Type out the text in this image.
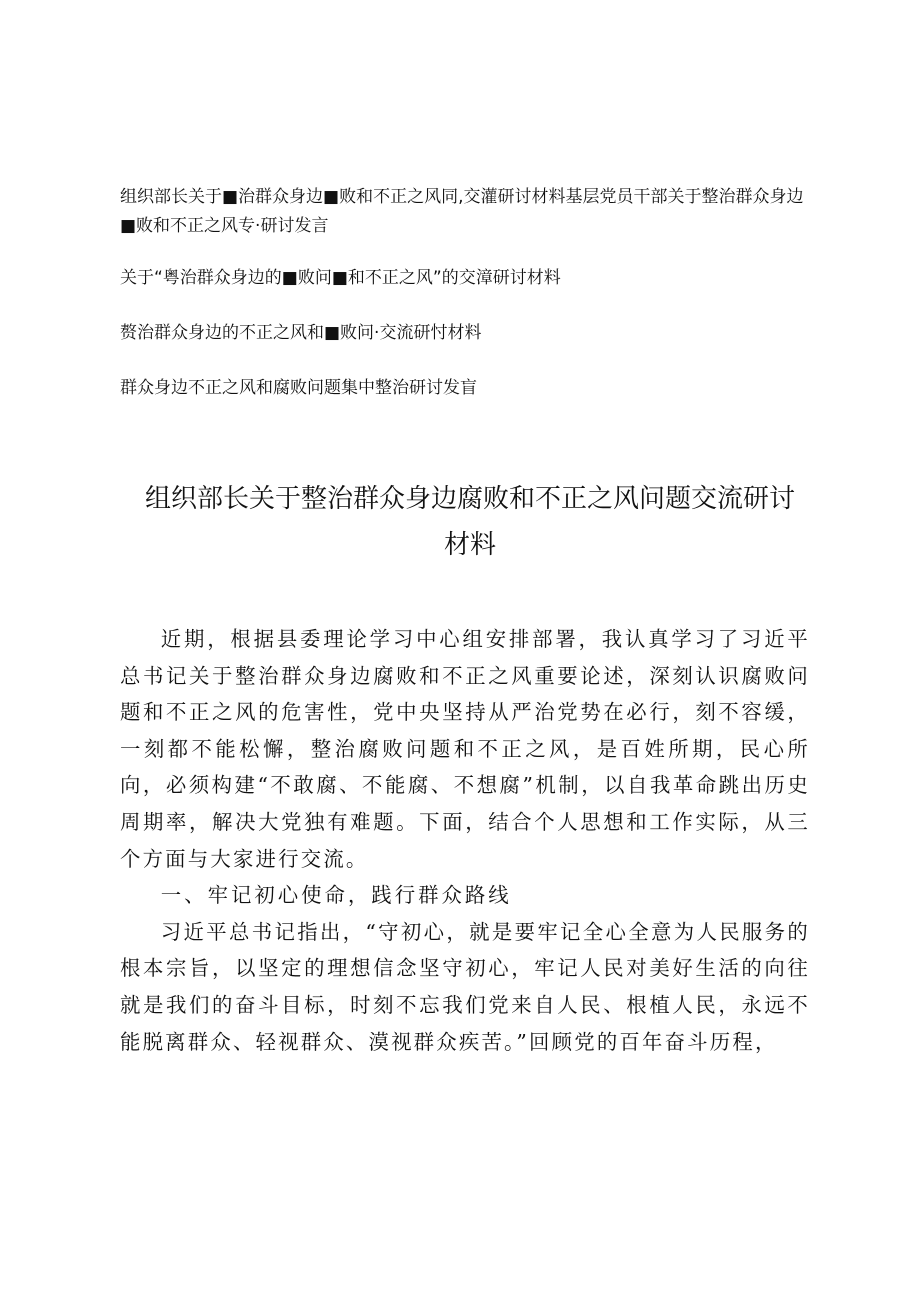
组织部长关于■治群众身边■败和不正之风同,交灌研讨材料基层党员干部关于整治群众身边■败和不正之风专·研讨发言
关于“粤治群众身边的■败问■和不正之风”的交漳研讨材料
赘治群众身边的不正之风和■败问·交流研忖材料
群众身边不正之风和腐败问题集中整治研讨发盲
组织部长关于整治群众身边腐败和不正之风问题交流研讨材料

近期，根据县委理论学习中心组安排部署，我认真学习了习近平总书记关于整治群众身边腐败和不正之风重要论述，深刻认识腐败问题和不正之风的危害性，党中央坚持从严治党势在必行，刻不容缓，一刻都不能松懈，整治腐败问题和不正之风，是百姓所期，民心所向，必须构建“不敢腐、不能腐、不想腐”机制，以自我革命跳出历史周期率，解决大党独有难题。下面，结合个人思想和工作实际，从三个方面与大家进行交流。

一、牢记初心使命，践行群众路线

习近平总书记指出，“守初心，就是要牢记全心全意为人民服务的根本宗旨，以坚定的理想信念坚守初心，牢记人民对美好生活的向往就是我们的奋斗目标，时刻不忘我们党来自人民、根植人民，永远不能脱离群众、轻视群众、漠视群众疾苦。”回顾党的百年奋斗历程，
